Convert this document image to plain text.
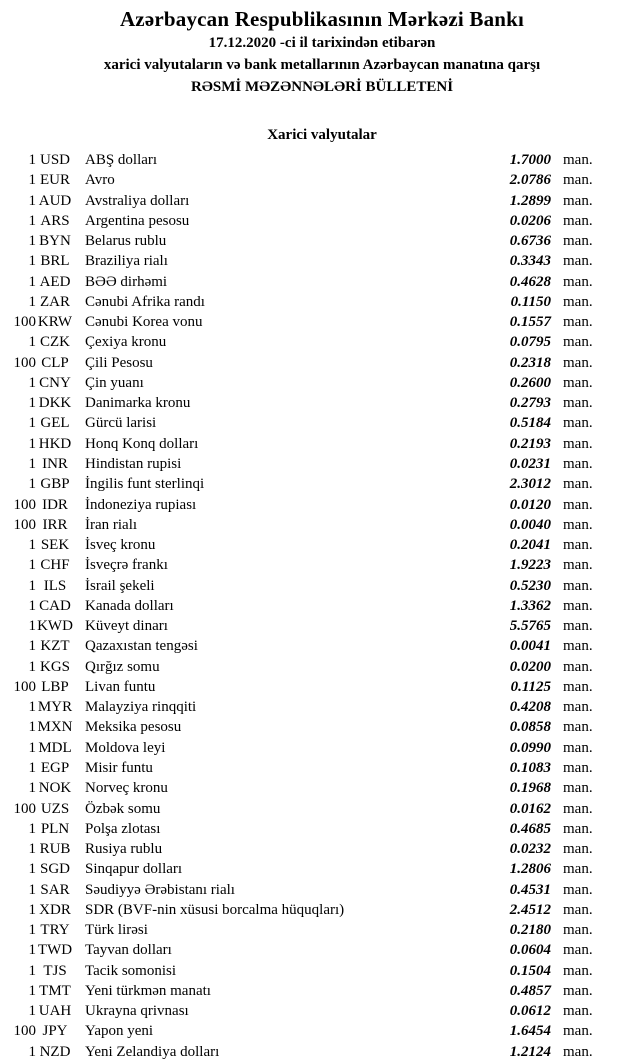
Azərbaycan Respublikasının Mərkəzi Bankı
17.12.2020 -ci il tarixindən etibarən
xarici valyutaların və bank metallarının Azərbaycan manatına qarşı
RƏSMİ MƏZƏNNƏLƏRİ BÜLLETENİ
Xarici valyutalar
1 USD	ABŞ dolları	1.7000 man.
1 EUR	Avro	2.0786 man.
1 AUD Avstraliya dolları	1.2899 man.
1 ARS	Argentina pesosu	0.0206 man.
1 BYN Belarus rublu	0.6736 man.
1 BRL	Braziliya rialı	0.3343 man.
1 AED BƏƏ dirhəmi	0.4628 man.
1 ZAR	Cənubi Afrika randı	0.1150 man.
100 KRW Cənubi Korea vonu	0.1557 man.
1 CZK	Çexiya kronu	0.0795 man.
100 CLP	Çili Pesosu	0.2318 man.
1 CNY Çin yuanı	0.2600 man.
1 DKK Danimarka kronu	0.2793 man.
1 GEL	Gürcü larisi	0.5184 man.
1 HKD Honq Konq dolları	0.2193 man.
1 INR	Hindistan rupisi	0.0231 man.
1 GBP	İngilis funt sterlinqi	2.3012 man.
100 IDR	İndoneziya rupiası	0.0120 man.
100 IRR	İran rialı	0.0040 man.
1 SEK	İsveç kronu	0.2041 man.
1 CHF	İsveçrə frankı	1.9223 man.
1 ILS	İsrail şekeli	0.5230 man.
1 CAD Kanada dolları	1.3362 man.
1 KWD Küveyt dinarı	5.5765 man.
1 KZT	Qazaxıstan tengəsi	0.0041 man.
1 KGS	Qırğız somu	0.0200 man.
100 LBP	Livan funtu	0.1125 man.
1 MYR Malayziya rinqqiti	0.4208 man.
1 MXN Meksika pesosu	0.0858 man.
1 MDL Moldova leyi	0.0990 man.
1 EGP	Misir funtu	0.1083 man.
1 NOK Norveç kronu	0.1968 man.
100 UZS	Özbək somu	0.0162 man.
1 PLN	Polşa zlotası	0.4685 man.
1 RUB Rusiya rublu	0.0232 man.
1 SGD	Sinqapur dolları	1.2806 man.
1 SAR	Səudiyyə Ərəbistanı rialı	0.4531 man.
1 XDR SDR (BVF-nin xüsusi borcalma hüquqları)	2.4512 man.
1 TRY	Türk lirəsi	0.2180 man.
1 TWD Tayvan dolları	0.0604 man.
1 TJS	Tacik somonisi	0.1504 man.
1 TMT Yeni türkmən manatı	0.4857 man.
1 UAH Ukrayna qrivnası	0.0612 man.
100 JPY	Yapon yeni	1.6454 man.
1 NZD Yeni Zelandiya dolları	1.2124 man.
